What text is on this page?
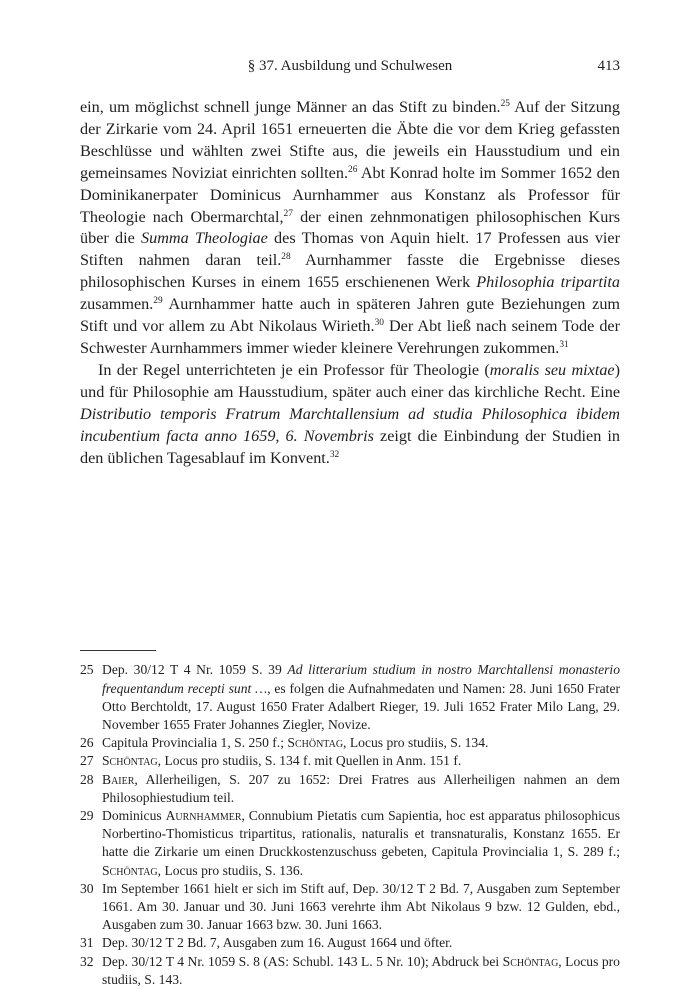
§ 37. Ausbildung und Schulwesen	413

ein, um möglichst schnell junge Männer an das Stift zu binden.$^{25}$ Auf der Sitzung der Zirkarie vom 24. April 1651 erneuerten die Äbte die vor dem Krieg gefassten Beschlüsse und wählten zwei Stifte aus, die jeweils ein Hausstudium und ein gemeinsames Noviziat einrichten sollten.$^{26}$ Abt Konrad holte im Sommer 1652 den Dominikanerpater Dominicus Aurnhammer aus Konstanz als Professor für Theologie nach Obermarchtal,$^{27}$ der einen zehnmonatigen philosophischen Kurs über die Summa Theologiae des Thomas von Aquin hielt. 17 Professen aus vier Stiften nahmen daran teil.$^{28}$ Aurnhammer fasste die Ergebnisse dieses philosophischen Kurses in einem 1655 erschienenen Werk Philosophia tripartita zusammen.$^{29}$ Aurnhammer hatte auch in späteren Jahren gute Beziehungen zum Stift und vor allem zu Abt Nikolaus Wirieth.$^{30}$ Der Abt ließ nach seinem Tode der Schwester Aurnhammers immer wieder kleinere Verehrungen zukommen.$^{31}$

In der Regel unterrichteten je ein Professor für Theologie (moralis seu mixtae) und für Philosophie am Hausstudium, später auch einer das kirchliche Recht. Eine Distributio temporis Fratrum Marchtallensium ad studia Philosophica ibidem incubentium facta anno 1659, 6. Novembris zeigt die Einbindung der Studien in den üblichen Tagesablauf im Konvent.$^{32}$

25 Dep. 30/12 T 4 Nr. 1059 S. 39 Ad litterarium studium in nostro Marchtallensi monasterio frequentandum recepti sunt …, es folgen die Aufnahmedaten und Namen: 28. Juni 1650 Frater Otto Berchtoldt, 17. August 1650 Frater Adalbert Rieger, 19. Juli 1652 Frater Milo Lang, 29. November 1655 Frater Johannes Ziegler, Novize.
26 Capitula Provincialia 1, S. 250 f.; Schöntag, Locus pro studiis, S. 134.
27 Schöntag, Locus pro studiis, S. 134 f. mit Quellen in Anm. 151 f.
28 Baier, Allerheiligen, S. 207 zu 1652: Drei Fratres aus Allerheiligen nahmen an dem Philosophiestudium teil.
29 Dominicus Aurnhammer, Connubium Pietatis cum Sapientia, hoc est apparatus philosophicus Norbertino-Thomisticus tripartitus, rationalis, naturalis et transnaturalis, Konstanz 1655. Er hatte die Zirkarie um einen Druckkostenzuschuss gebeten, Capitula Provincialia 1, S. 289 f.; Schöntag, Locus pro studiis, S. 136.
30 Im September 1661 hielt er sich im Stift auf, Dep. 30/12 T 2 Bd. 7, Ausgaben zum September 1661. Am 30. Januar und 30. Juni 1663 verehrte ihm Abt Nikolaus 9 bzw. 12 Gulden, ebd., Ausgaben zum 30. Januar 1663 bzw. 30. Juni 1663.
31 Dep. 30/12 T 2 Bd. 7, Ausgaben zum 16. August 1664 und öfter.
32 Dep. 30/12 T 4 Nr. 1059 S. 8 (AS: Schubl. 143 L. 5 Nr. 10); Abdruck bei Schöntag, Locus pro studiis, S. 143.
